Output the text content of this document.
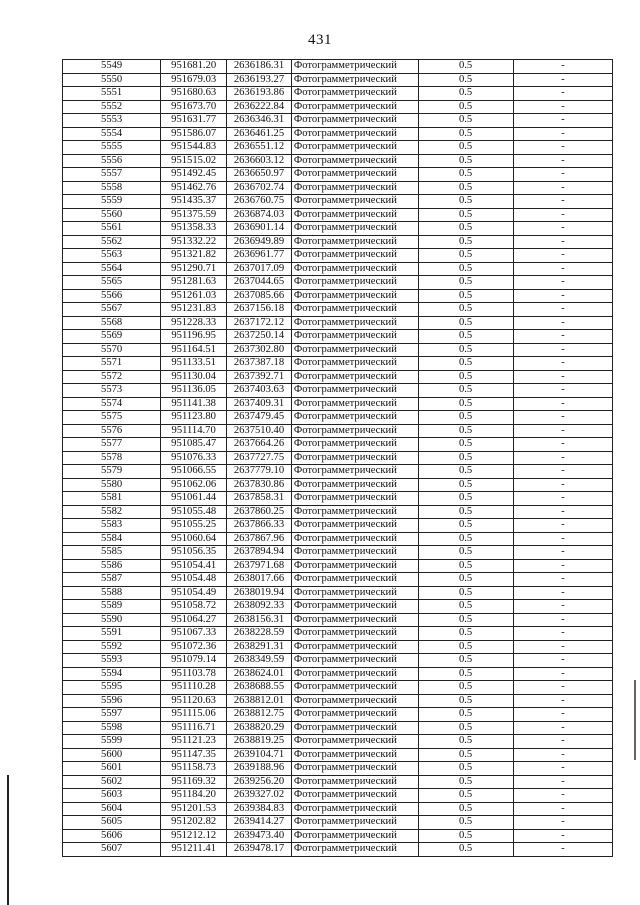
431
5549	951681.20	2636186.31	Фотограмметрический	0.5	-
5550	951679.03	2636193.27	Фотограмметрический	0.5	-
5551	951680.63	2636193.86	Фотограмметрический	0.5	-
5552	951673.70	2636222.84	Фотограмметрический	0.5	-
5553	951631.77	2636346.31	Фотограмметрический	0.5	-
5554	951586.07	2636461.25	Фотограмметрический	0.5	-
5555	951544.83	2636551.12	Фотограмметрический	0.5	-
5556	951515.02	2636603.12	Фотограмметрический	0.5	-
5557	951492.45	2636650.97	Фотограмметрический	0.5	-
5558	951462.76	2636702.74	Фотограмметрический	0.5	-
5559	951435.37	2636760.75	Фотограмметрический	0.5	-
5560	951375.59	2636874.03	Фотограмметрический	0.5	-
5561	951358.33	2636901.14	Фотограмметрический	0.5	-
5562	951332.22	2636949.89	Фотограмметрический	0.5	-
5563	951321.82	2636961.77	Фотограмметрический	0.5	-
5564	951290.71	2637017.09	Фотограмметрический	0.5	-
5565	951281.63	2637044.65	Фотограмметрический	0.5	-
5566	951261.03	2637085.66	Фотограмметрический	0.5	-
5567	951231.83	2637156.18	Фотограмметрический	0.5	-
5568	951228.33	2637172.12	Фотограмметрический	0.5	-
5569	951196.95	2637250.14	Фотограмметрический	0.5	-
5570	951164.51	2637302.80	Фотограмметрический	0.5	-
5571	951133.51	2637387.18	Фотограмметрический	0.5	-
5572	951130.04	2637392.71	Фотограмметрический	0.5	-
5573	951136.05	2637403.63	Фотограмметрический	0.5	-
5574	951141.38	2637409.31	Фотограмметрический	0.5	-
5575	951123.80	2637479.45	Фотограмметрический	0.5	-
5576	951114.70	2637510.40	Фотограмметрический	0.5	-
5577	951085.47	2637664.26	Фотограмметрический	0.5	-
5578	951076.33	2637727.75	Фотограмметрический	0.5	-
5579	951066.55	2637779.10	Фотограмметрический	0.5	-
5580	951062.06	2637830.86	Фотограмметрический	0.5	-
5581	951061.44	2637858.31	Фотограмметрический	0.5	-
5582	951055.48	2637860.25	Фотограмметрический	0.5	-
5583	951055.25	2637866.33	Фотограмметрический	0.5	-
5584	951060.64	2637867.96	Фотограмметрический	0.5	-
5585	951056.35	2637894.94	Фотограмметрический	0.5	-
5586	951054.41	2637971.68	Фотограмметрический	0.5	-
5587	951054.48	2638017.66	Фотограмметрический	0.5	-
5588	951054.49	2638019.94	Фотограмметрический	0.5	-
5589	951058.72	2638092.33	Фотограмметрический	0.5	-
5590	951064.27	2638156.31	Фотограмметрический	0.5	-
5591	951067.33	2638228.59	Фотограмметрический	0.5	-
5592	951072.36	2638291.31	Фотограмметрический	0.5	-
5593	951079.14	2638349.59	Фотограмметрический	0.5	-
5594	951103.78	2638624.01	Фотограмметрический	0.5	-
5595	951110.28	2638688.55	Фотограмметрический	0.5	-
5596	951120.63	2638812.01	Фотограмметрический	0.5	-
5597	951115.06	2638812.75	Фотограмметрический	0.5	-
5598	951116.71	2638820.29	Фотограмметрический	0.5	-
5599	951121.23	2638819.25	Фотограмметрический	0.5	-
5600	951147.35	2639104.71	Фотограмметрический	0.5	-
5601	951158.73	2639188.96	Фотограмметрический	0.5	-
5602	951169.32	2639256.20	Фотограмметрический	0.5	-
5603	951184.20	2639327.02	Фотограмметрический	0.5	-
5604	951201.53	2639384.83	Фотограмметрический	0.5	-
5605	951202.82	2639414.27	Фотограмметрический	0.5	-
5606	951212.12	2639473.40	Фотограмметрический	0.5	-
5607	951211.41	2639478.17	Фотограмметрический	0.5	-
